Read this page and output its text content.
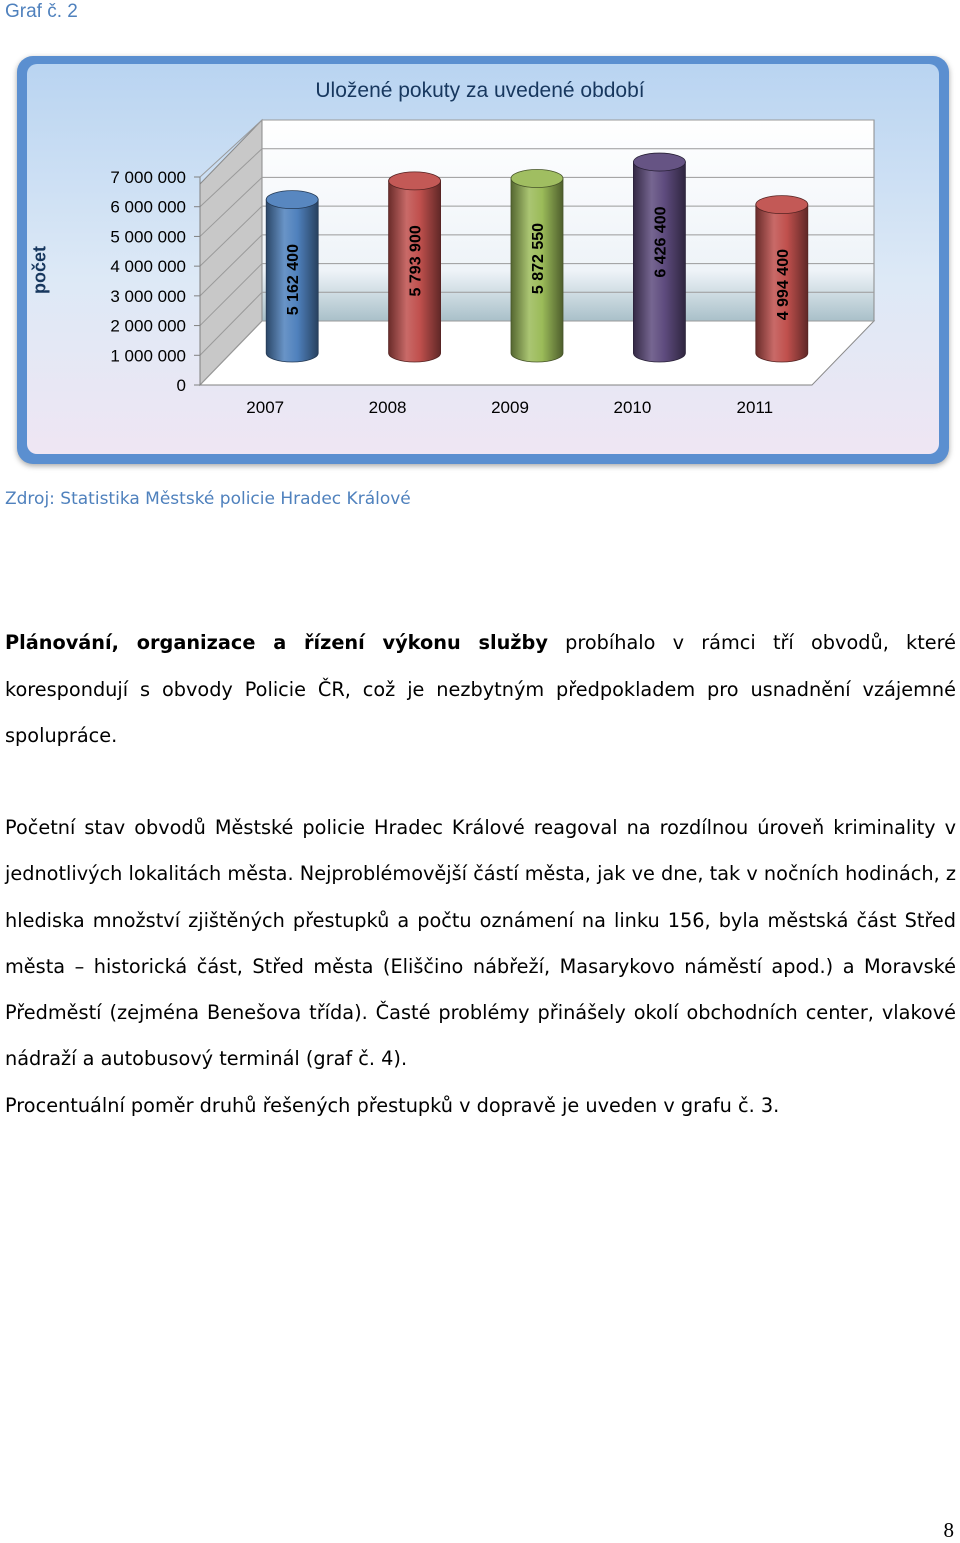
Graf č. 2
0
1 000 000
2 000 000
3 000 000
4 000 000
5 000 000
6 000 000
7 000 000
5 162 400
2007
5 793 900
2008
5 872 550
2009
6 426 400
2010
4 994 400
2011
Uložené pokuty za uvedené období
počet
Zdroj: Statistika Městské policie Hradec Králové
Plánování, organizace a řízení výkonu služby probíhalo v rámci tří obvodů, které korespondují s obvody Policie ČR, což je nezbytným předpokladem pro usnadnění vzájemné spolupráce.
Početní stav obvodů Městské policie Hradec Králové reagoval na rozdílnou úroveň kriminality v jednotlivých lokalitách města. Nejproblémovější částí města, jak ve dne, tak v nočních hodinách, z hlediska množství zjištěných přestupků a počtu oznámení na linku 156, byla městská část Střed města – historická část, Střed města (Eliščino nábřeží, Masarykovo náměstí apod.) a Moravské Předměstí (zejména Benešova třída). Časté problémy přinášely okolí obchodních center, vlakové nádraží a autobusový terminál (graf č. 4).
Procentuální poměr druhů řešených přestupků v dopravě je uveden v grafu č. 3.
8
